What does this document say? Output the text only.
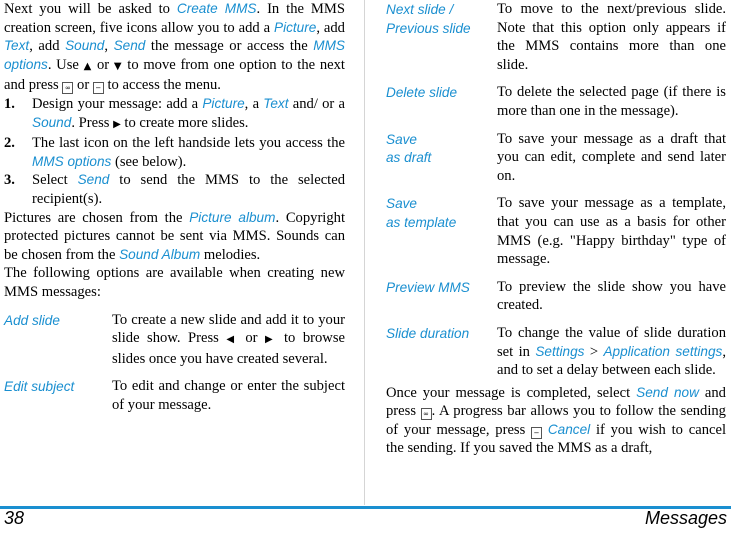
Next you will be asked to Create MMS. In the MMS creation screen, five icons allow you to add a Picture, add Text, add Sound, Send the message or access the MMS options. Use ▲ or ▼ to move from one option to the next and press ∞ or − to access the menu.

1.	Design your message: add a Picture, a Text and/ or a Sound. Press ▶ to create more slides.
2.	The last icon on the left handside lets you access the MMS options (see below).
3.	Select Send to send the MMS to the selected recipient(s).

Pictures are chosen from the Picture album. Copyright protected pictures cannot be sent via MMS. Sounds can be chosen from the Sound Album melodies.

The following options are available when creating new MMS messages:

Add slide	To create a new slide and add it to your slide show. Press ◀ or ▶ to browse slides once you have created several.
Edit subject	To edit and change or enter the subject of your message.
Next slide /
Previous slide	To move to the next/previous slide. Note that this option only appears if the MMS contains more than one slide.
Delete slide	To delete the selected page (if there is more than one in the message).
Save
as draft	To save your message as a draft that you can edit, complete and send later on.
Save
as template	To save your message as a template, that you can use as a basis for other MMS (e.g. "Happy birthday" type of message.
Preview MMS	To preview the slide show you have created.
Slide duration	To change the value of slide duration set in Settings > Application settings, and to set a delay between each slide.

Once your message is completed, select Send now and press ∞ . A progress bar allows you to follow the sending of your message, press − Cancel if you wish to cancel the sending. If you saved the MMS as a draft,

38	Messages
